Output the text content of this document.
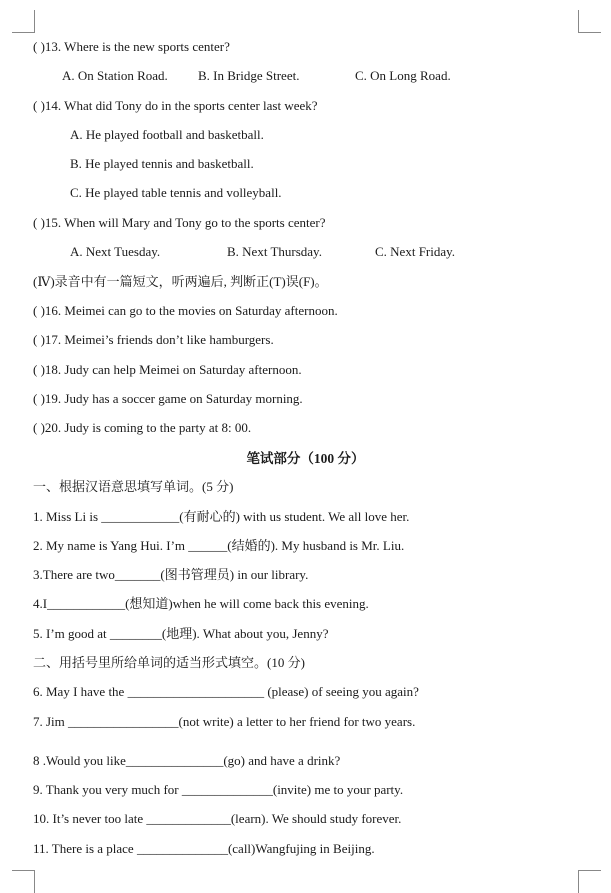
( )13. Where is the new sports center?
A. On Station Road. B. In Bridge Street.	C. On Long Road.
( )14. What did Tony do in the sports center last week?
A. He played football and basketball.
B. He played tennis and basketball.
C. He played table tennis and volleyball.
( )15. When will Mary and Tony go to the sports center?
A. Next Tuesday.	B. Next Thursday.	C. Next Friday.
(Ⅳ)录音中有一篇短文，听两遍后, 判断正(T)误(F)。
( )16. Meimei can go to the movies on Saturday afternoon.
( )17. Meimei’s friends don’t like hamburgers.
( )18. Judy can help Meimei on Saturday afternoon.
( )19. Judy has a soccer game on Saturday morning.
( )20. Judy is coming to the party at 8: 00.
笔试部分（100 分）
一、根据汉语意思填写单词。(5 分)
1. Miss Li is ____________(有耐心的) with us student. We all love her.
2. My name is Yang Hui. I’m ______(结婚的). My husband is Mr. Liu.
3.There are two_______(图书管理员) in our library.
4.I____________(想知道)when he will come back this evening.
5. I’m good at ________(地理). What about you, Jenny?
二、用括号里所给单词的适当形式填空。(10 分)
6. May I have the _____________________ (please) of seeing you again?
7. Jim _________________(not write) a letter to her friend for two years.
8 .Would you like_______________(go) and have a drink?
9. Thank you very much for ______________(invite) me to your party.
10. It’s never too late _____________(learn). We should study forever.
11. There is a place ______________(call)Wangfujing in Beijing.
